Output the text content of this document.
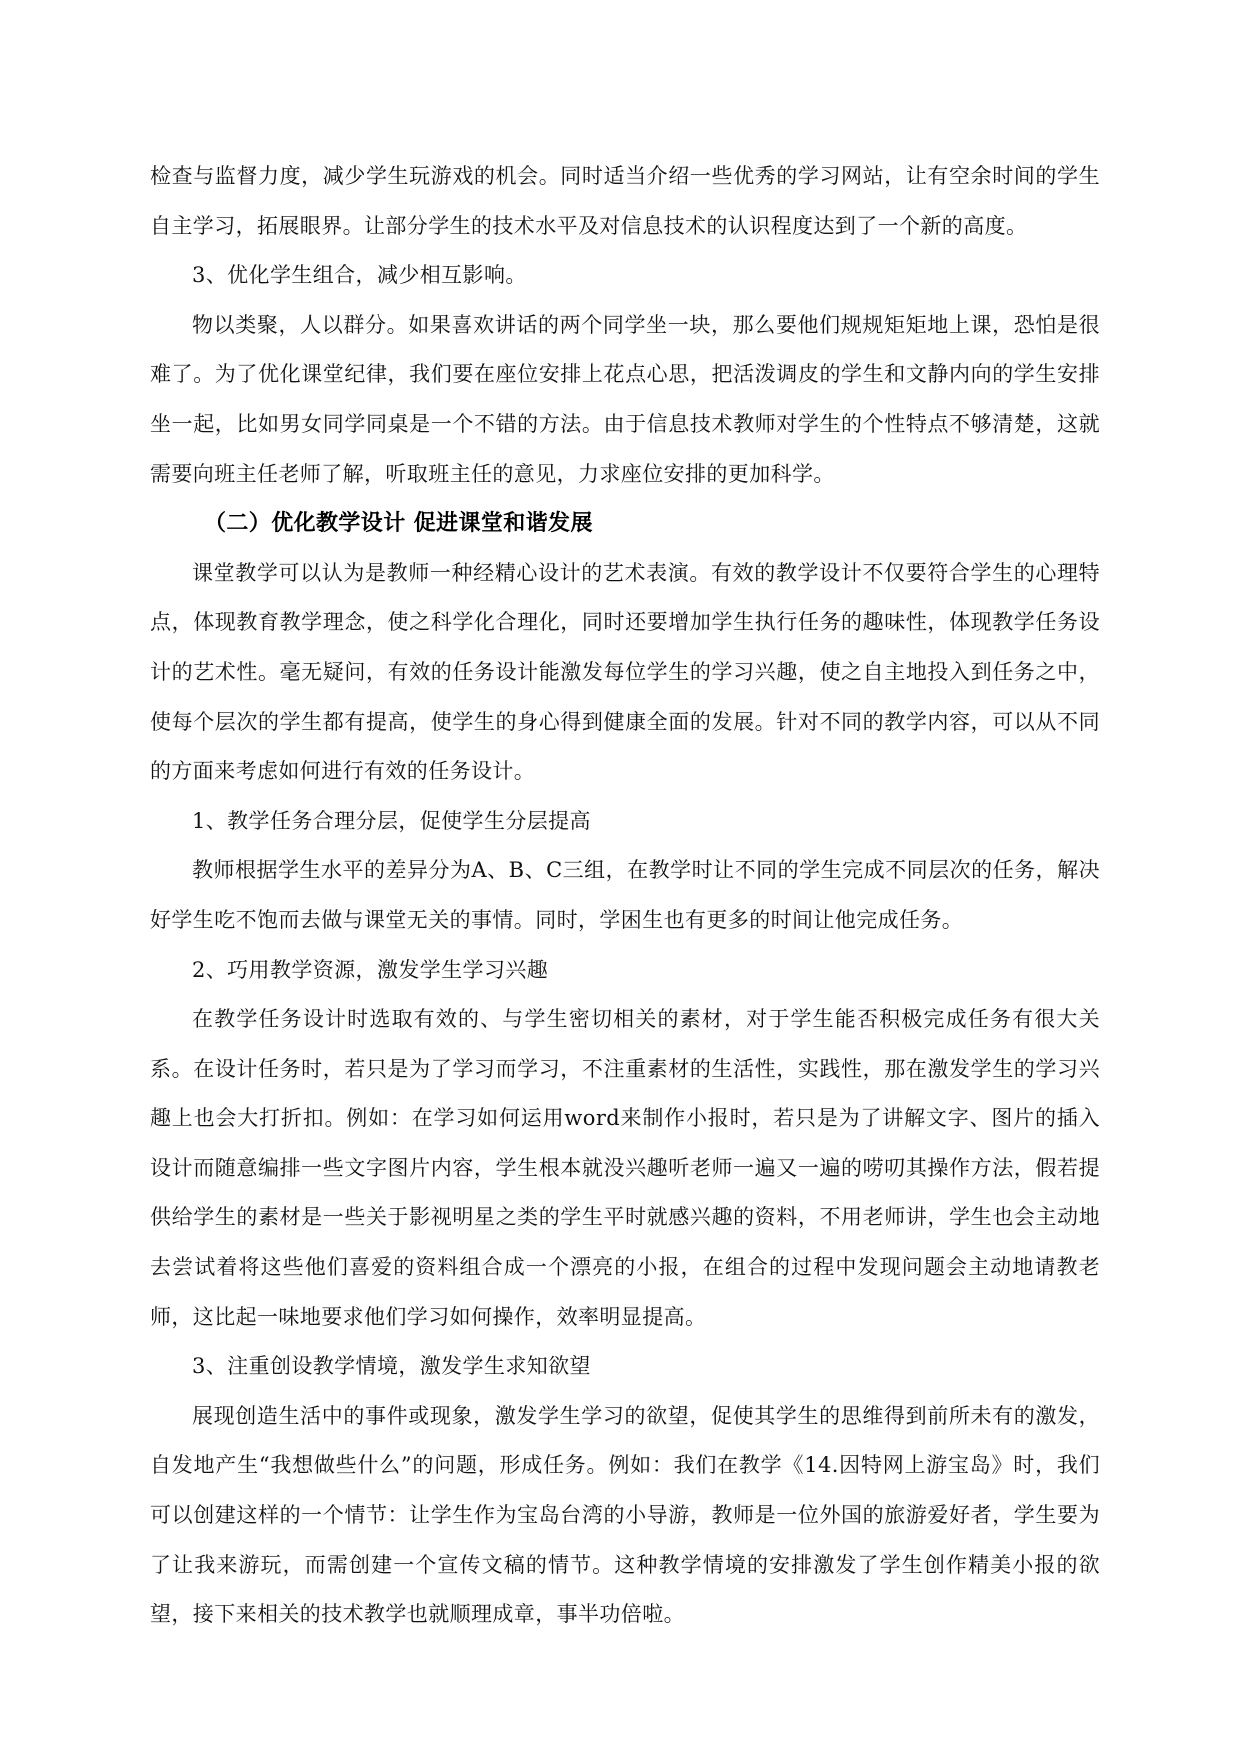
检查与监督力度，减少学生玩游戏的机会。同时适当介绍一些优秀的学习网站，让有空余时间的学生自主学习，拓展眼界。让部分学生的技术水平及对信息技术的认识程度达到了一个新的高度。

3、优化学生组合，减少相互影响。

物以类聚，人以群分。如果喜欢讲话的两个同学坐一块，那么要他们规规矩矩地上课，恐怕是很难了。为了优化课堂纪律，我们要在座位安排上花点心思，把活泼调皮的学生和文静内向的学生安排坐一起，比如男女同学同桌是一个不错的方法。由于信息技术教师对学生的个性特点不够清楚，这就需要向班主任老师了解，听取班主任的意见，力求座位安排的更加科学。

（二）优化教学设计 促进课堂和谐发展

课堂教学可以认为是教师一种经精心设计的艺术表演。有效的教学设计不仅要符合学生的心理特点，体现教育教学理念，使之科学化合理化，同时还要增加学生执行任务的趣味性，体现教学任务设计的艺术性。毫无疑问，有效的任务设计能激发每位学生的学习兴趣，使之自主地投入到任务之中，使每个层次的学生都有提高，使学生的身心得到健康全面的发展。针对不同的教学内容，可以从不同的方面来考虑如何进行有效的任务设计。

1、教学任务合理分层，促使学生分层提高

教师根据学生水平的差异分为A、B、C三组，在教学时让不同的学生完成不同层次的任务，解决好学生吃不饱而去做与课堂无关的事情。同时，学困生也有更多的时间让他完成任务。

2、巧用教学资源，激发学生学习兴趣

在教学任务设计时选取有效的、与学生密切相关的素材，对于学生能否积极完成任务有很大关系。在设计任务时，若只是为了学习而学习，不注重素材的生活性，实践性，那在激发学生的学习兴趣上也会大打折扣。例如：在学习如何运用word来制作小报时，若只是为了讲解文字、图片的插入设计而随意编排一些文字图片内容，学生根本就没兴趣听老师一遍又一遍的唠叨其操作方法，假若提供给学生的素材是一些关于影视明星之类的学生平时就感兴趣的资料，不用老师讲，学生也会主动地去尝试着将这些他们喜爱的资料组合成一个漂亮的小报，在组合的过程中发现问题会主动地请教老师，这比起一味地要求他们学习如何操作，效率明显提高。

3、注重创设教学情境，激发学生求知欲望

展现创造生活中的事件或现象，激发学生学习的欲望，促使其学生的思维得到前所未有的激发，自发地产生“我想做些什么”的问题，形成任务。例如：我们在教学《14.因特网上游宝岛》时，我们可以创建这样的一个情节：让学生作为宝岛台湾的小导游，教师是一位外国的旅游爱好者，学生要为了让我来游玩，而需创建一个宣传文稿的情节。这种教学情境的安排激发了学生创作精美小报的欲望，接下来相关的技术教学也就顺理成章，事半功倍啦。
